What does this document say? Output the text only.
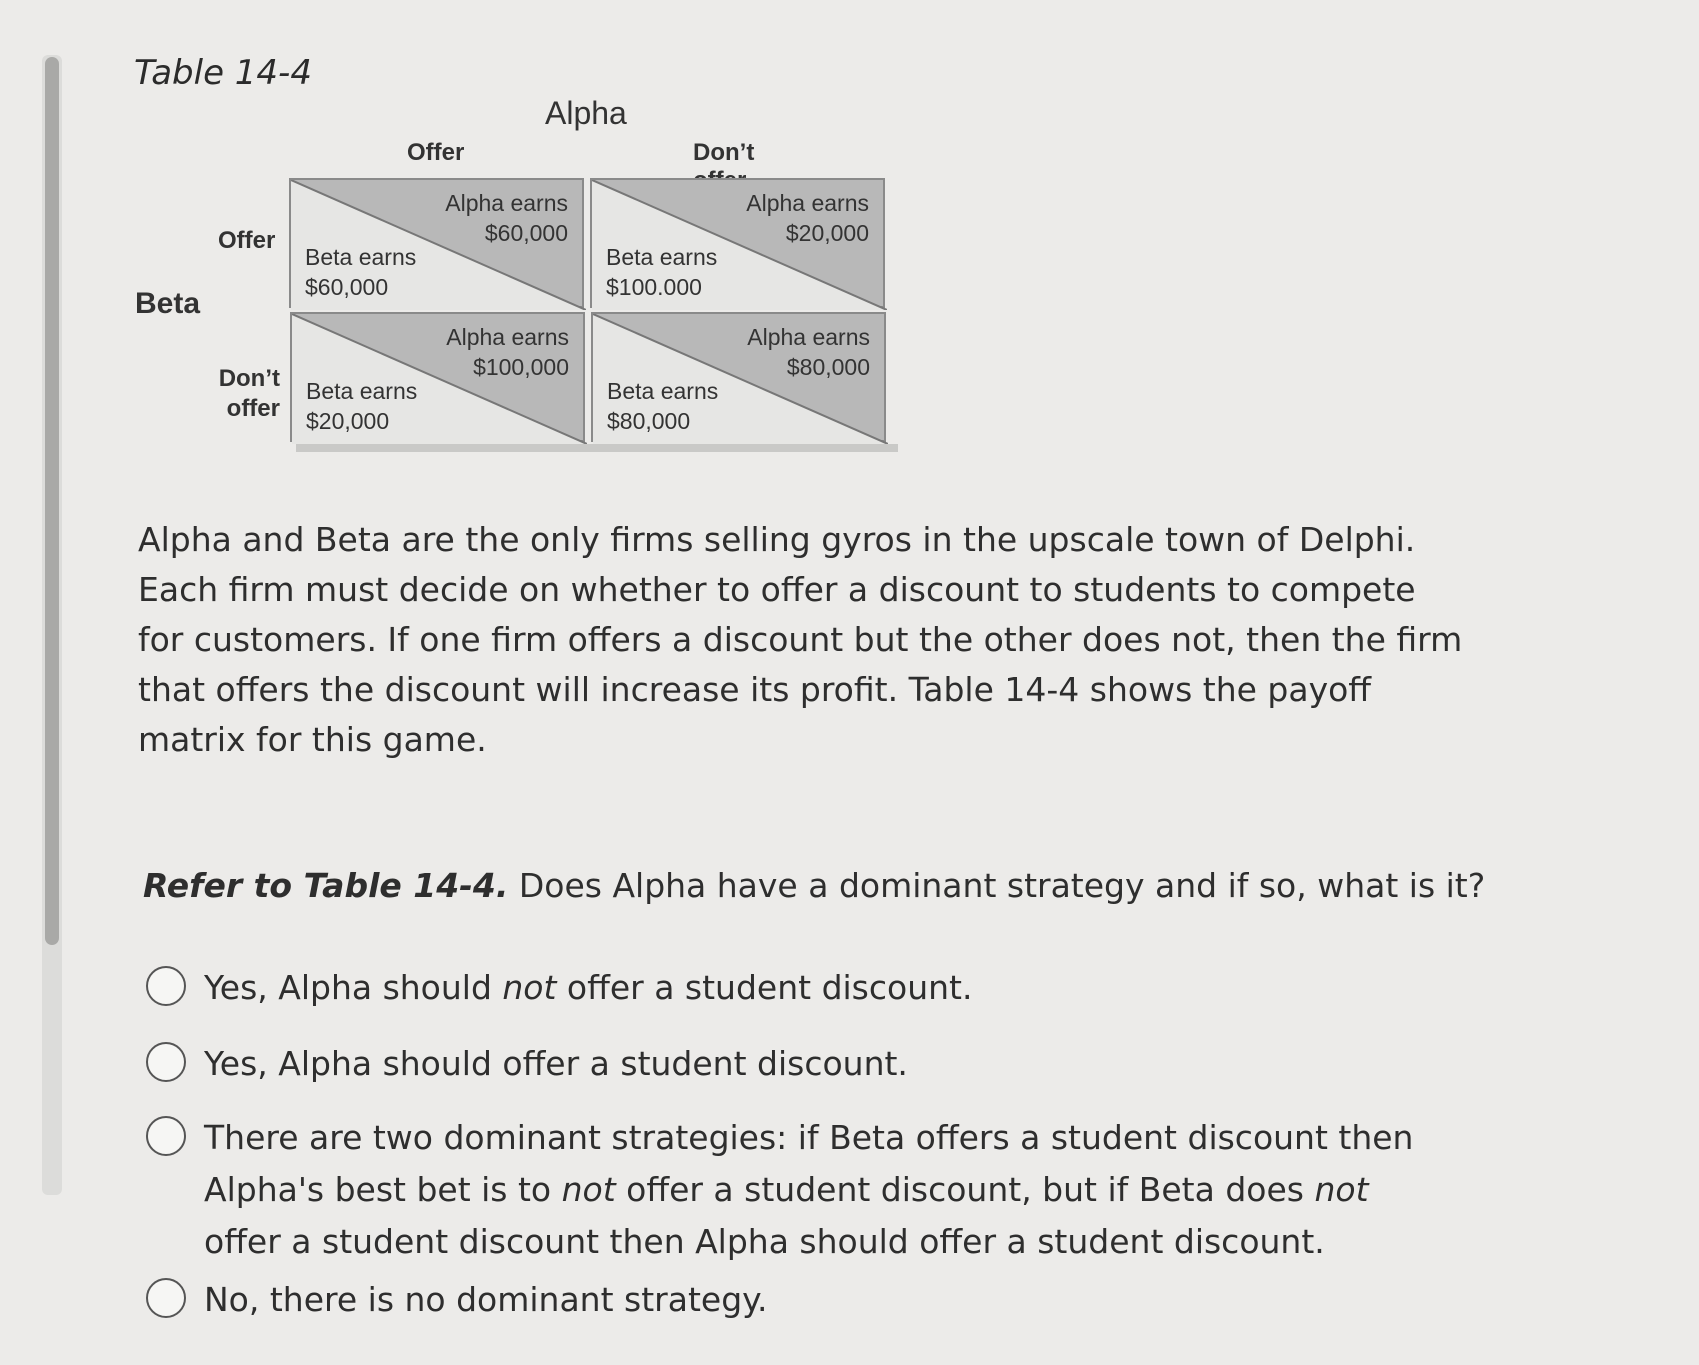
Table 14-4
Alpha
Offer	Don’t
Beta
Offer
Don’t
offer
Alpha earns
$60,000
Beta earns
$60,000
Alpha earns
$20,000
Beta earns
$100.000
Alpha earns
$100,000
Beta earns
$20,000
Alpha earns
$80,000
Beta earns
$80,000
Alpha and Beta are the only firms selling gyros in the upscale town of Delphi. Each firm must decide on whether to offer a discount to students to compete for customers. If one firm offers a discount but the other does not, then the firm that offers the discount will increase its profit. Table 14-4 shows the payoff matrix for this game.
Refer to Table 14-4. Does Alpha have a dominant strategy and if so, what is it?
Yes, Alpha should not offer a student discount.
Yes, Alpha should offer a student discount.
There are two dominant strategies: if Beta offers a student discount then Alpha's best bet is to not offer a student discount, but if Beta does not offer a student discount then Alpha should offer a student discount.
No, there is no dominant strategy.
